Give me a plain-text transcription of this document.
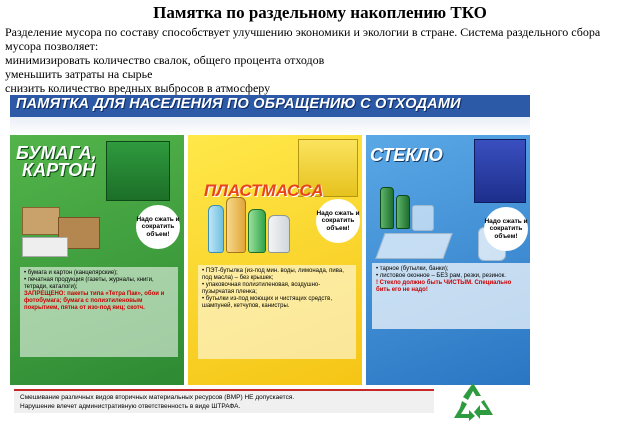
Памятка по раздельному накоплению ТКО

Разделение мусора по составу способствует улучшению экономики и экологии в стране. Система раздельного сбора мусора позволяет:

минимизировать количество свалок, общего процента отходов

уменьшить затраты на сырье

снизить количество вредных выбросов в атмосферу

ПАМЯТКА ДЛЯ НАСЕЛЕНИЯ ПО ОБРАЩЕНИЮ С ОТХОДАМИ
БУМАГА,
КАРТОН
Надо сжать и сократить объем!
• бумага и картон (канцелярские);
• печатная продукция (газеты, журналы, книги, тетради, каталоги);
ЗАПРЕЩЕНО: пакеты типа «Тетра Пак», обои и фотобумага; бумага с полиэтиленовым покрытием, пятна от изо-под яиц; скотч.
ПЛАСТМАССА
Надо сжать и сократить объем!
• ПЭТ-бутылка (из-под мин. воды, лимонада, пива, под масла) – без крышек;
• упаковочная полиэтиленовая, воздушно-пузырчатая пленка;
• бутылки из-под моющих и чистящих средств, шампуней, кетчупов, канистры.
СТЕКЛО
Надо сжать и сократить объем!
• тарное (бутылки, банки);
• листовое оконное – БЕЗ рам, резки, резинок.
! Стекло должно быть ЧИСТЫМ. Специально бить его не надо!
Смешивание различных видов вторичных материальных ресурсов (ВМР) НЕ допускается.
Нарушение влечет административную ответственность в виде ШТРАФА.
